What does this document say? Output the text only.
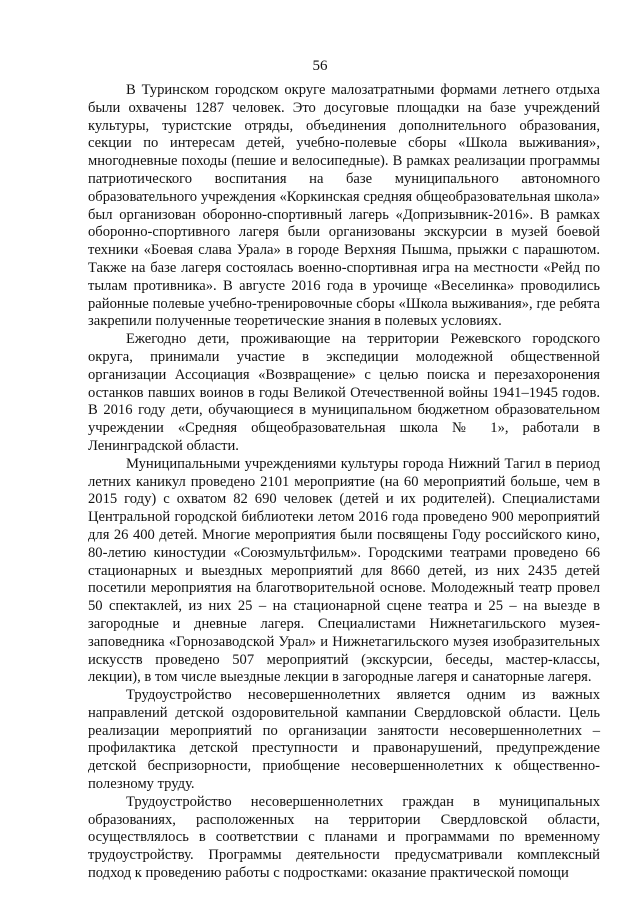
56

В Туринском городском округе малозатратными формами летнего отдыха были охвачены 1287 человек. Это досуговые площадки на базе учреждений культуры, туристские отряды, объединения дополнительного образования, секции по интересам детей, учебно-полевые сборы «Школа выживания», многодневные походы (пешие и велосипедные). В рамках реализации программы патриотического воспитания на базе муниципального автономного образовательного учреждения «Коркинская средняя общеобразовательная школа» был организован оборонно-спортивный лагерь «Допризывник-2016». В рамках оборонно-спортивного лагеря были организованы экскурсии в музей боевой техники «Боевая слава Урала» в городе Верхняя Пышма, прыжки с парашютом. Также на базе лагеря состоялась военно-спортивная игра на местности «Рейд по тылам противника». В августе 2016 года в урочище «Веселинка» проводились районные полевые учебно-тренировочные сборы «Школа выживания», где ребята закрепили полученные теоретические знания в полевых условиях.

Ежегодно дети, проживающие на территории Режевского городского округа, принимали участие в экспедиции молодежной общественной организации Ассоциация «Возвращение» с целью поиска и перезахоронения останков павших воинов в годы Великой Отечественной войны 1941–1945 годов. В 2016 году дети, обучающиеся в муниципальном бюджетном образовательном учреждении «Средняя общеобразовательная школа № 1», работали в Ленинградской области.

Муниципальными учреждениями культуры города Нижний Тагил в период летних каникул проведено 2101 мероприятие (на 60 мероприятий больше, чем в 2015 году) с охватом 82 690 человек (детей и их родителей). Специалистами Центральной городской библиотеки летом 2016 года проведено 900 мероприятий для 26 400 детей. Многие мероприятия были посвящены Году российского кино, 80-летию киностудии «Союзмультфильм». Городскими театрами проведено 66 стационарных и выездных мероприятий для 8660 детей, из них 2435 детей посетили мероприятия на благотворительной основе. Молодежный театр провел 50 спектаклей, из них 25 – на стационарной сцене театра и 25 – на выезде в загородные и дневные лагеря. Специалистами Нижнетагильского музея-заповедника «Горнозаводской Урал» и Нижнетагильского музея изобразительных искусств проведено 507 мероприятий (экскурсии, беседы, мастер-классы, лекции), в том числе выездные лекции в загородные лагеря и санаторные лагеря.

Трудоустройство несовершеннолетних является одним из важных направлений детской оздоровительной кампании Свердловской области. Цель реализации мероприятий по организации занятости несовершеннолетних – профилактика детской преступности и правонарушений, предупреждение детской беспризорности, приобщение несовершеннолетних к общественно-полезному труду.

Трудоустройство несовершеннолетних граждан в муниципальных образованиях, расположенных на территории Свердловской области, осуществлялось в соответствии с планами и программами по временному трудоустройству. Программы деятельности предусматривали комплексный подход к проведению работы с подростками: оказание практической помощи
